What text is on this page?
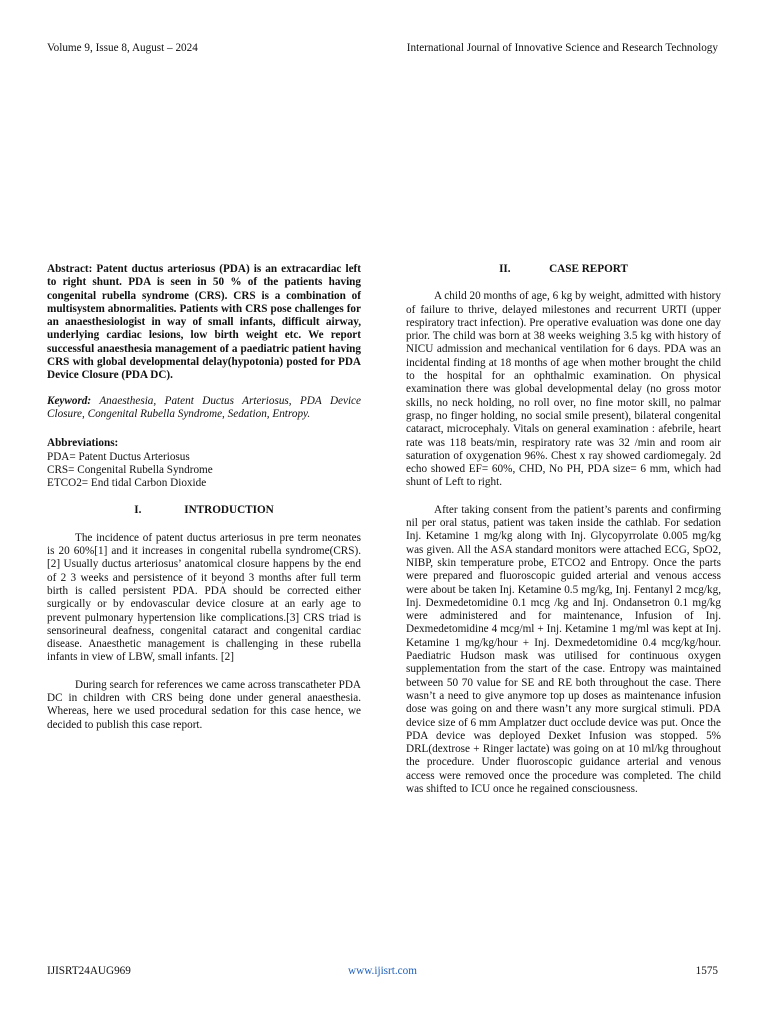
Volume 9, Issue 8, August – 2024	International Journal of Innovative Science and Research Technology

Abstract: Patent ductus arteriosus (PDA) is an extracardiac left to right shunt. PDA is seen in 50 % of the patients having congenital rubella syndrome (CRS). CRS is a combination of multisystem abnormalities. Patients with CRS pose challenges for an anaesthesiologist in way of small infants, difficult airway, underlying cardiac lesions, low birth weight etc. We report successful anaesthesia management of a paediatric patient having CRS with global developmental delay(hypotonia) posted for PDA Device Closure (PDA DC).

Keyword: Anaesthesia, Patent Ductus Arteriosus, PDA Device Closure, Congenital Rubella Syndrome, Sedation, Entropy.

Abbreviations:

PDA= Patent Ductus Arteriosus

CRS= Congenital Rubella Syndrome

ETCO2= End tidal Carbon Dioxide

I.	INTRODUCTION

The incidence of patent ductus arteriosus in pre term neonates is 20 60%[1] and it increases in congenital rubella syndrome(CRS).[2] Usually ductus arteriosus’ anatomical closure happens by the end of 2 3 weeks and persistence of it beyond 3 months after full term birth is called persistent PDA. PDA should be corrected either surgically or by endovascular device closure at an early age to prevent pulmonary hypertension like complications.[3] CRS triad is sensorineural deafness, congenital cataract and congenital cardiac disease. Anaesthetic management is challenging in these rubella infants in view of LBW, small infants. [2]

During search for references we came across transcatheter PDA DC in children with CRS being done under general anaesthesia. Whereas, here we used procedural sedation for this case hence, we decided to publish this case report.

II.	CASE REPORT

A child 20 months of age, 6 kg by weight, admitted with history of failure to thrive, delayed milestones and recurrent URTI (upper respiratory tract infection). Pre operative evaluation was done one day prior. The child was born at 38 weeks weighing 3.5 kg with history of NICU admission and mechanical ventilation for 6 days. PDA was an incidental finding at 18 months of age when mother brought the child to the hospital for an ophthalmic examination. On physical examination there was global developmental delay (no gross motor skills, no neck holding, no roll over, no fine motor skill, no palmar grasp, no finger holding, no social smile present), bilateral congenital cataract, microcephaly. Vitals on general examination : afebrile, heart rate was 118 beats/min, respiratory rate was 32 /min and room air saturation of oxygenation 96%. Chest x ray showed cardiomegaly. 2d echo showed EF= 60%, CHD, No PH, PDA size= 6 mm, which had shunt of Left to right.

After taking consent from the patient’s parents and confirming nil per oral status, patient was taken inside the cathlab. For sedation Inj. Ketamine 1 mg/kg along with Inj. Glycopyrrolate 0.005 mg/kg was given. All the ASA standard monitors were attached ECG, SpO2, NIBP, skin temperature probe, ETCO2 and Entropy. Once the parts were prepared and fluoroscopic guided arterial and venous access were about be taken Inj. Ketamine 0.5 mg/kg, Inj. Fentanyl 2 mcg/kg, Inj. Dexmedetomidine 0.1 mcg /kg and Inj. Ondansetron 0.1 mg/kg were administered and for maintenance, Infusion of Inj. Dexmedetomidine 4 mcg/ml + Inj. Ketamine 1 mg/ml was kept at Inj. Ketamine 1 mg/kg/hour + Inj. Dexmedetomidine 0.4 mcg/kg/hour. Paediatric Hudson mask was utilised for continuous oxygen supplementation from the start of the case. Entropy was maintained between 50 70 value for SE and RE both throughout the case. There wasn’t a need to give anymore top up doses as maintenance infusion dose was going on and there wasn’t any more surgical stimuli. PDA device size of 6 mm Amplatzer duct occlude device was put. Once the PDA device was deployed Dexket Infusion was stopped. 5% DRL(dextrose + Ringer lactate) was going on at 10 ml/kg throughout the procedure. Under fluoroscopic guidance arterial and venous access were removed once the procedure was completed. The child was shifted to ICU once he regained consciousness.

IJISRT24AUG969	www.ijisrt.com	1575
